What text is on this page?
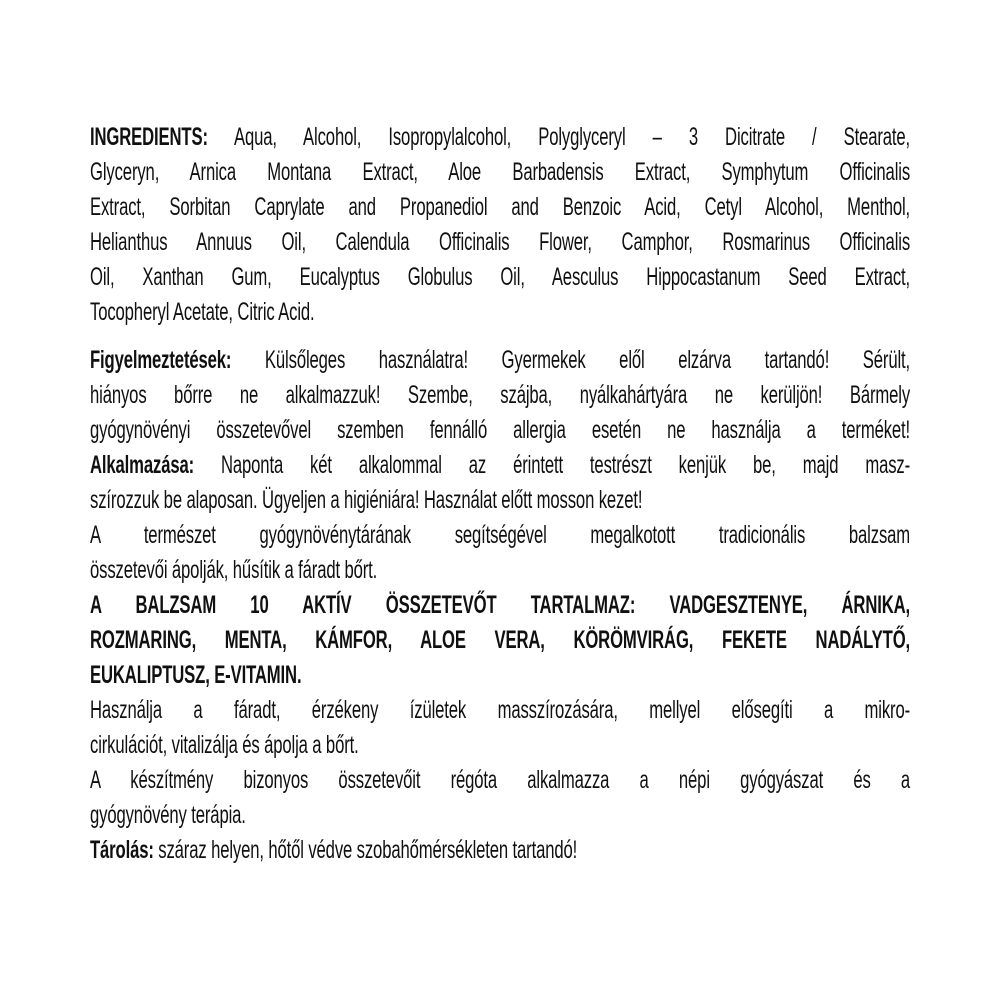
INGREDIENTS: Aqua, Alcohol, Isopropylalcohol, Polyglyceryl – 3 Dicitrate / Stearate,
Glyceryn, Arnica Montana Extract, Aloe Barbadensis Extract, Symphytum Officinalis
Extract, Sorbitan Caprylate and Propanediol and Benzoic Acid, Cetyl Alcohol, Menthol,
Helianthus Annuus Oil, Calendula Officinalis Flower, Camphor, Rosmarinus Officinalis
Oil, Xanthan Gum, Eucalyptus Globulus Oil, Aesculus Hippocastanum Seed Extract,
Tocopheryl Acetate, Citric Acid.

Figyelmeztetések: Külsőleges használatra! Gyermekek elől elzárva tartandó! Sérült,
hiányos bőrre ne alkalmazzuk! Szembe, szájba, nyálkahártyára ne kerüljön! Bármely
gyógynövényi összetevővel szemben fennálló allergia esetén ne használja a terméket!

Alkalmazása: Naponta két alkalommal az érintett testrészt kenjük be, majd masz-
szírozzuk be alaposan. Ügyeljen a higiéniára! Használat előtt mosson kezet!

A természet gyógynövénytárának segítségével megalkotott tradicionális balzsam
összetevői ápolják, hűsítik a fáradt bőrt.

A BALZSAM 10 AKTÍV ÖSSZETEVŐT TARTALMAZ: VADGESZTENYE, ÁRNIKA,
ROZMARING, MENTA, KÁMFOR, ALOE VERA, KÖRÖMVIRÁG, FEKETE NADÁLYTŐ,
EUKALIPTUSZ, E-VITAMIN.

Használja a fáradt, érzékeny ízületek masszírozására, mellyel elősegíti a mikro-
cirkulációt, vitalizálja és ápolja a bőrt.

A készítmény bizonyos összetevőit régóta alkalmazza a népi gyógyászat és a
gyógynövény terápia.

Tárolás: száraz helyen, hőtől védve szobahőmérsékleten tartandó!
